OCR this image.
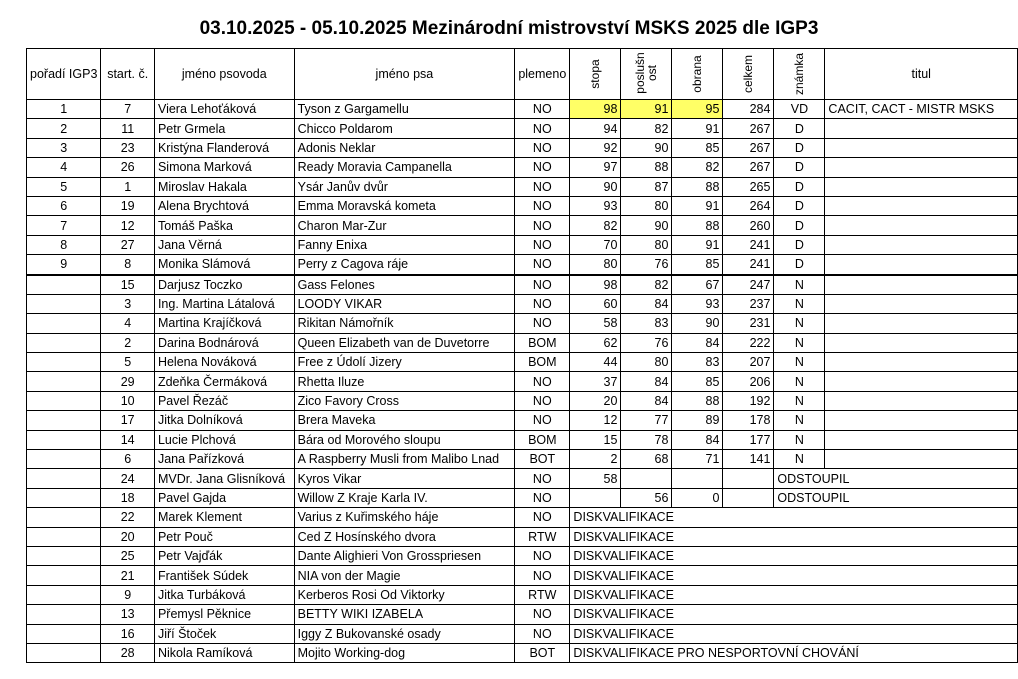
03.10.2025 - 05.10.2025 Mezinárodní mistrovství MSKS 2025 dle IGP3
pořadí IGP3	start. č.	jméno psovoda	jméno psa	plemeno	stopa	poslušn ost	obrana	celkem	známka	titul
1	7	Viera Lehoťáková	Tyson z Gargamellu	NO	98	91	95	284	VD	CACIT, CACT - MISTR MSKS
2	11	Petr Grmela	Chicco Poldarom	NO	94	82	91	267	D	
3	23	Kristýna Flanderová	Adonis Neklar	NO	92	90	85	267	D	
4	26	Simona Marková	Ready Moravia Campanella	NO	97	88	82	267	D	
5	1	Miroslav Hakala	Ysár Janův dvůr	NO	90	87	88	265	D	
6	19	Alena Brychtová	Emma Moravská kometa	NO	93	80	91	264	D	
7	12	Tomáš Paška	Charon Mar-Zur	NO	82	90	88	260	D	
8	27	Jana Věrná	Fanny Enixa	NO	70	80	91	241	D	
9	8	Monika Slámová	Perry z Cagova ráje	NO	80	76	85	241	D	
	15	Darjusz Toczko	Gass Felones	NO	98	82	67	247	N	
	3	Ing. Martina Látalová	LOODY VIKAR	NO	60	84	93	237	N	
	4	Martina Krajíčková	Rikitan Námořník	NO	58	83	90	231	N	
	2	Darina Bodnárová	Queen Elizabeth van de Duvetorre	BOM	62	76	84	222	N	
	5	Helena Nováková	Free z Údolí Jizery	BOM	44	80	83	207	N	
	29	Zdeňka Čermáková	Rhetta Iluze	NO	37	84	85	206	N	
	10	Pavel Řezáč	Zico Favory Cross	NO	20	84	88	192	N	
	17	Jitka Dolníková	Brera Maveka	NO	12	77	89	178	N	
	14	Lucie Plchová	Bára od Morového sloupu	BOM	15	78	84	177	N	
	6	Jana Pařízková	A Raspberry Musli from Malibo Lnad	BOT	2	68	71	141	N	
	24	MVDr. Jana Glisníková	Kyros Vikar	NO	58				ODSTOUPIL	
	18	Pavel Gajda	Willow Z Kraje Karla IV.	NO		56	0		ODSTOUPIL	
	22	Marek Klement	Varius z Kuřimského háje	NO	DISKVALIFIKACE					
	20	Petr Pouč	Ced Z Hosínského dvora	RTW	DISKVALIFIKACE					
	25	Petr Vajďák	Dante Alighieri Von Grosspriesen	NO	DISKVALIFIKACE					
	21	František Súdek	NIA von der Magie	NO	DISKVALIFIKACE					
	9	Jitka Turbáková	Kerberos Rosi Od Viktorky	RTW	DISKVALIFIKACE					
	13	Přemysl Pěknice	BETTY WIKI IZABELA	NO	DISKVALIFIKACE					
	16	Jiří Štoček	Iggy Z Bukovanské osady	NO	DISKVALIFIKACE					
	28	Nikola Ramíková	Mojito Working-dog	BOT	DISKVALIFIKACE PRO NESPORTOVNÍ CHOVÁNÍ					
